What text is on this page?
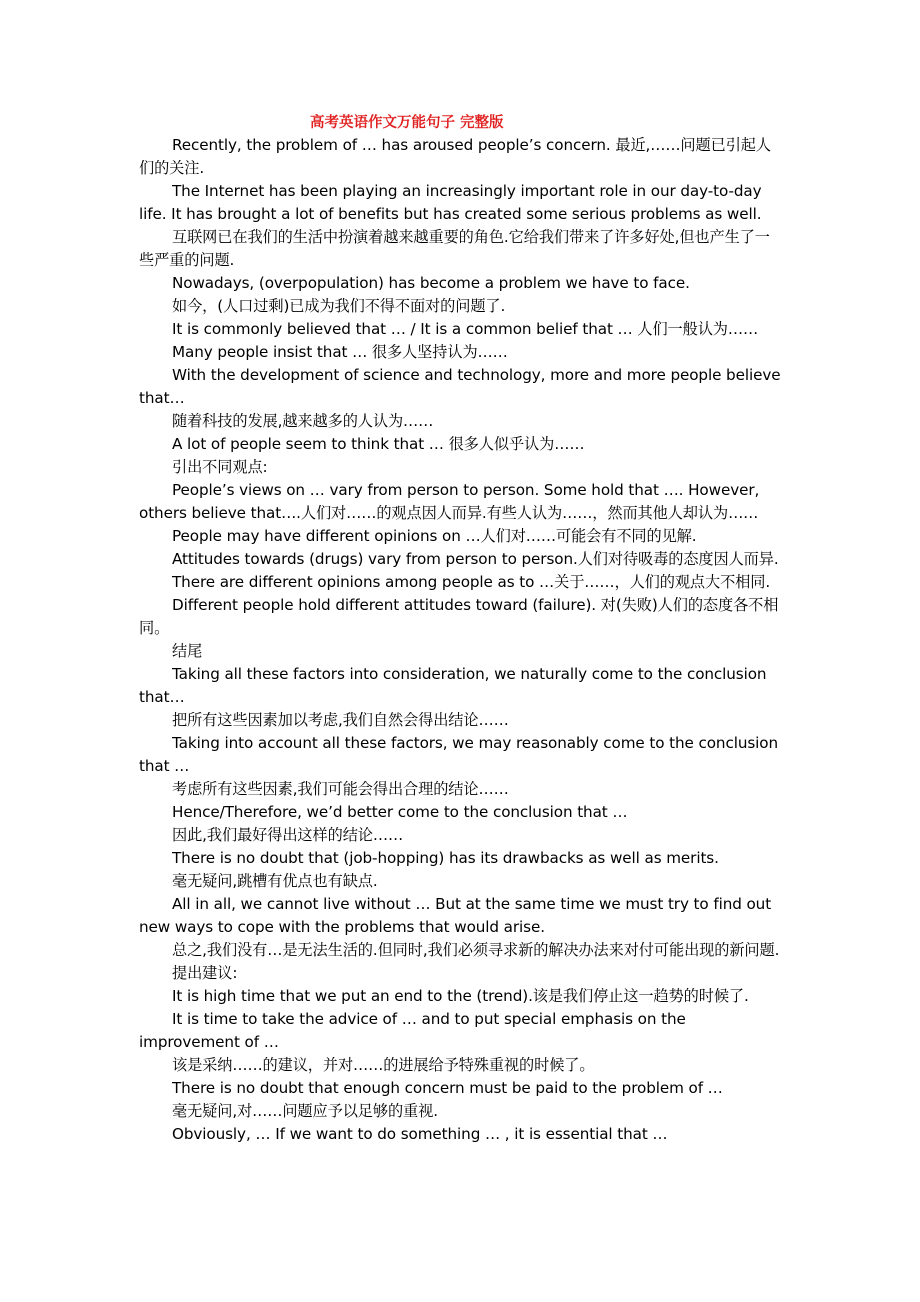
高考英语作文万能句子 完整版

Recently, the problem of … has aroused people’s concern. 最近,……问题已引起人们的关注.

The Internet has been playing an increasingly important role in our day-to-day life. It has brought a lot of benefits but has created some serious problems as well.

互联网已在我们的生活中扮演着越来越重要的角色.它给我们带来了许多好处,但也产生了一些严重的问题.

Nowadays, (overpopulation) has become a problem we have to face.

如今，(人口过剩)已成为我们不得不面对的问题了.

It is commonly believed that … / It is a common belief that … 人们一般认为……

Many people insist that … 很多人坚持认为……

With the development of science and technology, more and more people believe that…

随着科技的发展,越来越多的人认为……

A lot of people seem to think that … 很多人似乎认为……

引出不同观点:

People’s views on … vary from person to person. Some hold that …. However, others believe that….人们对……的观点因人而异.有些人认为……，然而其他人却认为……

People may have different opinions on …人们对……可能会有不同的见解.

Attitudes towards (drugs) vary from person to person.人们对待吸毒的态度因人而异.

There are different opinions among people as to …关于……，人们的观点大不相同.

Different people hold different attitudes toward (failure). 对(失败)人们的态度各不相同。

结尾

Taking all these factors into consideration, we naturally come to the conclusion that…

把所有这些因素加以考虑,我们自然会得出结论……

Taking into account all these factors, we may reasonably come to the conclusion that …

考虑所有这些因素,我们可能会得出合理的结论……

Hence/Therefore, we’d better come to the conclusion that …

因此,我们最好得出这样的结论……

There is no doubt that (job-hopping) has its drawbacks as well as merits.

毫无疑问,跳槽有优点也有缺点.

All in all, we cannot live without … But at the same time we must try to find out new ways to cope with the problems that would arise.

总之,我们没有…是无法生活的.但同时,我们必须寻求新的解决办法来对付可能出现的新问题.

提出建议:

It is high time that we put an end to the (trend).该是我们停止这一趋势的时候了.

It is time to take the advice of … and to put special emphasis on the improvement of …

该是采纳……的建议，并对……的进展给予特殊重视的时候了。

There is no doubt that enough concern must be paid to the problem of …

毫无疑问,对……问题应予以足够的重视.

Obviously, … If we want to do something … , it is essential that …
